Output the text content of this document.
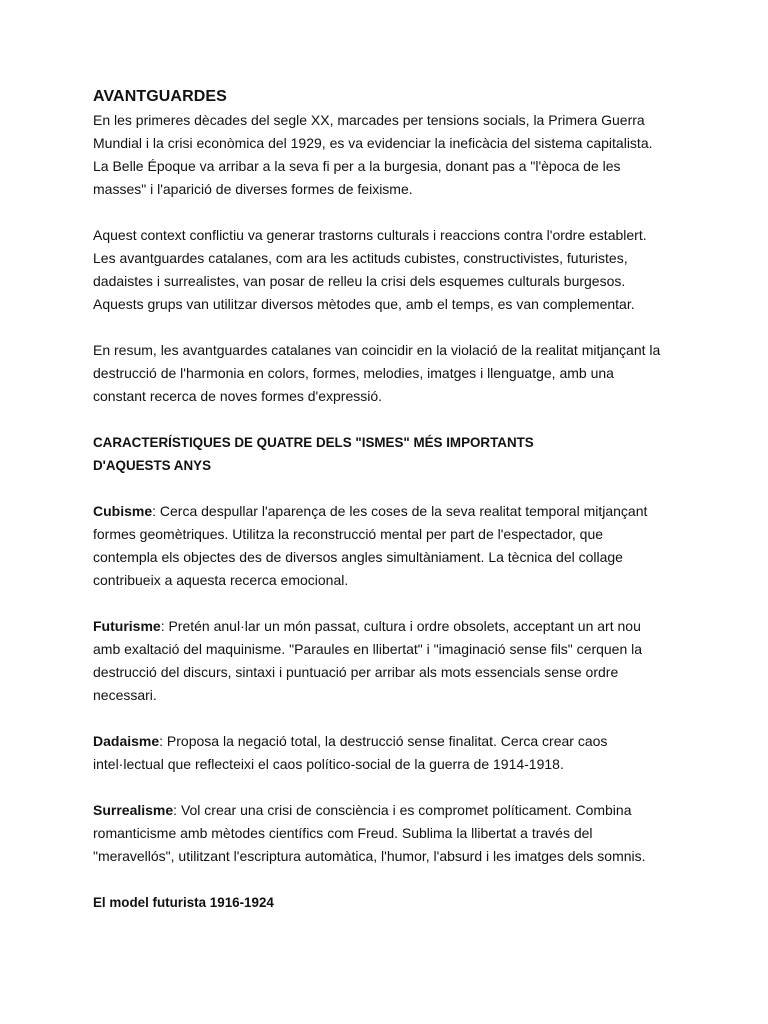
AVANTGUARDES

En les primeres dècades del segle XX, marcades per tensions socials, la Primera Guerra
Mundial i la crisi econòmica del 1929, es va evidenciar la ineficàcia del sistema capitalista.
La Belle Époque va arribar a la seva fi per a la burgesia, donant pas a "l'època de les
masses" i l'aparició de diverses formes de feixisme.

Aquest context conflictiu va generar trastorns culturals i reaccions contra l'ordre establert.
Les avantguardes catalanes, com ara les actituds cubistes, constructivistes, futuristes,
dadaistes i surrealistes, van posar de relleu la crisi dels esquemes culturals burgesos.
Aquests grups van utilitzar diversos mètodes que, amb el temps, es van complementar.

En resum, les avantguardes catalanes van coincidir en la violació de la realitat mitjançant la
destrucció de l'harmonia en colors, formes, melodies, imatges i llenguatge, amb una
constant recerca de noves formes d'expressió.

CARACTERÍSTIQUES DE QUATRE DELS "ISMES" MÉS IMPORTANTS
D'AQUESTS ANYS

Cubisme: Cerca despullar l'aparença de les coses de la seva realitat temporal mitjançant
formes geomètriques. Utilitza la reconstrucció mental per part de l'espectador, que
contempla els objectes des de diversos angles simultàniament. La tècnica del collage
contribueix a aquesta recerca emocional.

Futurisme: Pretén anul·lar un món passat, cultura i ordre obsolets, acceptant un art nou
amb exaltació del maquinisme. "Paraules en llibertat" i "imaginació sense fils" cerquen la
destrucció del discurs, sintaxi i puntuació per arribar als mots essencials sense ordre
necessari.

Dadaisme: Proposa la negació total, la destrucció sense finalitat. Cerca crear caos
intel·lectual que reflecteixi el caos político-social de la guerra de 1914-1918.

Surrealisme: Vol crear una crisi de consciència i es compromet políticament. Combina
romanticisme amb mètodes científics com Freud. Sublima la llibertat a través del
"meravellós", utilitzant l'escriptura automàtica, l'humor, l'absurd i les imatges dels somnis.

El model futurista 1916-1924
